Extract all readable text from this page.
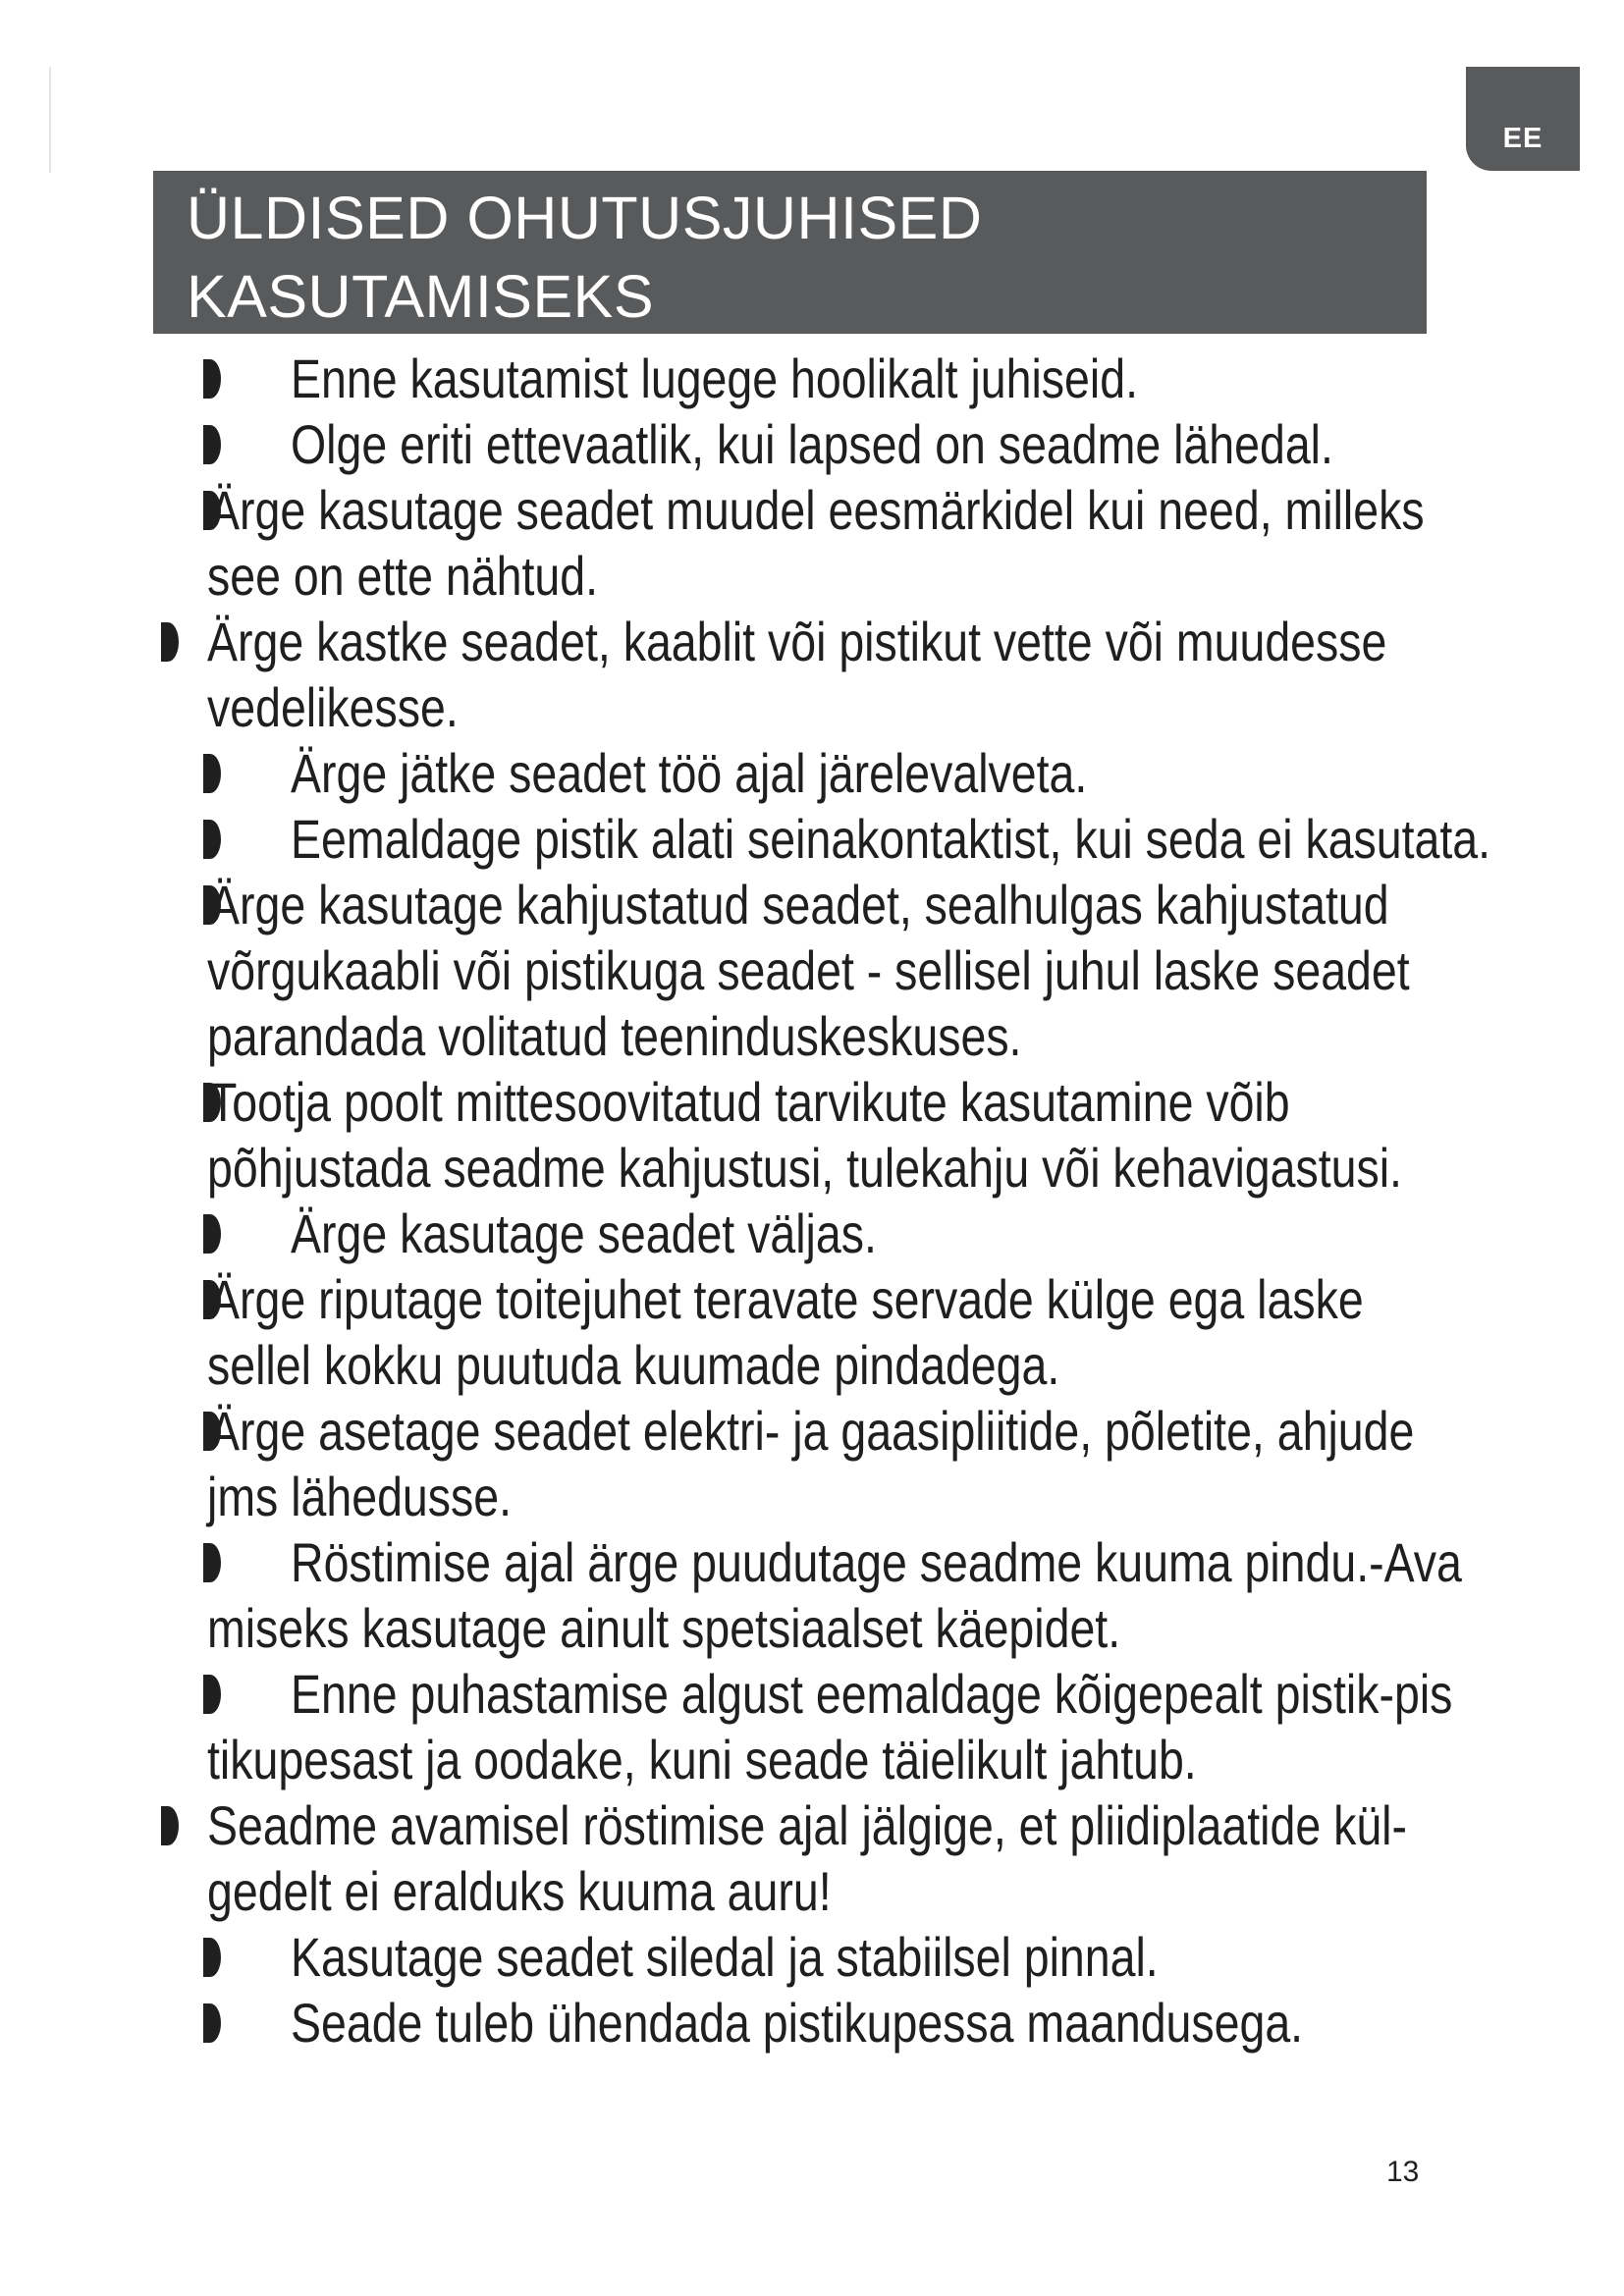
EE
ÜLDISED OHUTUSJUHISED
KASUTAMISEKS
Enne kasutamist lugege hoolikalt juhiseid.
Olge eriti ettevaatlik, kui lapsed on seadme lähedal.
Ärge kasutage seadet muudel eesmärkidel kui need, milleks
see on ette nähtud.
Ärge kastke seadet, kaablit või pistikut vette või muudesse
vedelikesse.
Ärge jätke seadet töö ajal järelevalveta.
Eemaldage pistik alati seinakontaktist, kui seda ei kasutata.
Ärge kasutage kahjustatud seadet, sealhulgas kahjustatud
võrgukaabli või pistikuga seadet - sellisel juhul laske seadet
parandada volitatud teeninduskeskuses.
Tootja poolt mittesoovitatud tarvikute kasutamine võib
põhjustada seadme kahjustusi, tulekahju või kehavigastusi.
Ärge kasutage seadet väljas.
Ärge riputage toitejuhet teravate servade külge ega laske
sellel kokku puutuda kuumade pindadega.
Ärge asetage seadet elektri- ja gaasipliitide, põletite, ahjude
jms lähedusse.
Röstimise ajal ärge puudutage seadme kuuma pindu.-Ava
miseks kasutage ainult spetsiaalset käepidet.
Enne puhastamise algust eemaldage kõigepealt pistik-pis
tikupesast ja oodake, kuni seade täielikult jahtub.
Seadme avamisel röstimise ajal jälgige, et pliidiplaatide kül-
gedelt ei eralduks kuuma auru!
Kasutage seadet siledal ja stabiilsel pinnal.
Seade tuleb ühendada pistikupessa maandusega.
13
